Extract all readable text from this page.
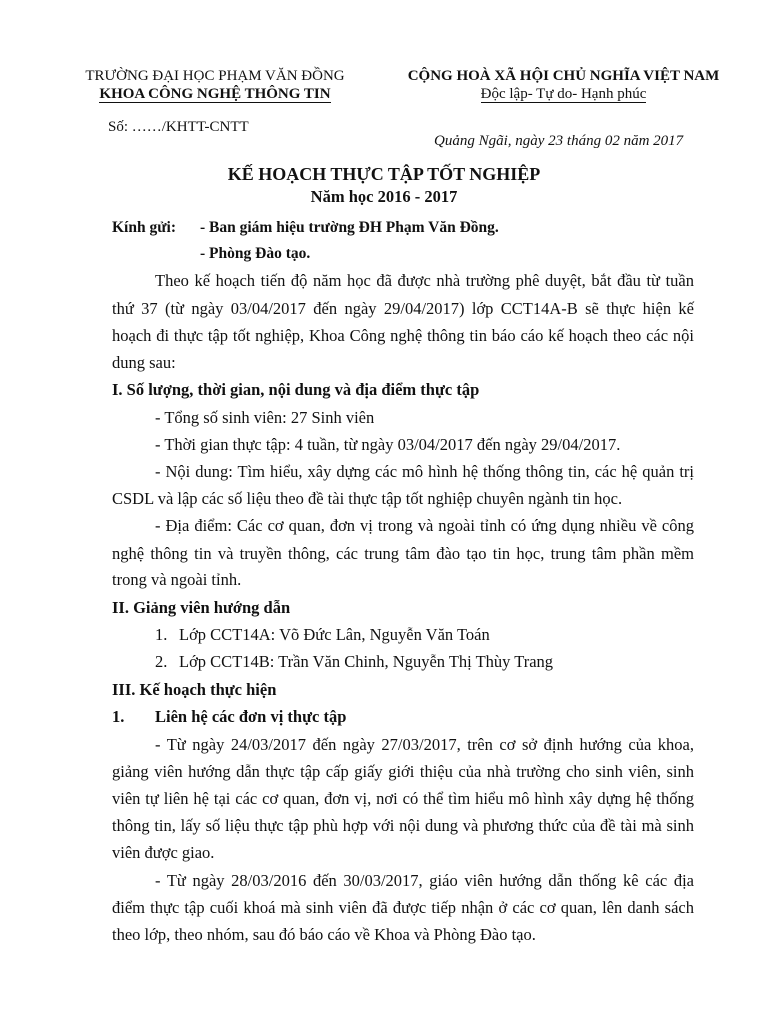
TRƯỜNG ĐẠI HỌC PHẠM VĂN ĐỒNG
KHOA CÔNG NGHỆ THÔNG TIN
Số: ……/KHTT-CNTT
CỘNG HOÀ XÃ HỘI CHỦ NGHĨA VIỆT NAM
Độc lập- Tự do- Hạnh phúc
Quảng Ngãi, ngày 23 tháng 02 năm 2017
KẾ HOẠCH THỰC TẬP TỐT NGHIỆP
Năm học 2016 - 2017
Kính gửi: - Ban giám hiệu trường ĐH Phạm Văn Đồng.
- Phòng Đào tạo.
Theo kế hoạch tiến độ năm học đã được nhà trường phê duyệt, bắt đầu từ tuần
thứ 37 (từ ngày 03/04/2017 đến ngày 29/04/2017) lớp CCT14A-B sẽ thực hiện kế
hoạch đi thực tập tốt nghiệp, Khoa Công nghệ thông tin báo cáo kế hoạch theo các nội
dung sau:
I. Số lượng, thời gian, nội dung và địa điểm thực tập
- Tổng số sinh viên: 27 Sinh viên
- Thời gian thực tập: 4 tuần, từ ngày 03/04/2017 đến ngày 29/04/2017.
- Nội dung: Tìm hiểu, xây dựng các mô hình hệ thống thông tin, các hệ quản trị
CSDL và lập các số liệu theo đề tài thực tập tốt nghiệp chuyên ngành tin học.
- Địa điểm: Các cơ quan, đơn vị trong và ngoài tỉnh có ứng dụng nhiều về công
nghệ thông tin và truyền thông, các trung tâm đào tạo tin học, trung tâm phần mềm
trong và ngoài tỉnh.
II. Giảng viên hướng dẫn
1. Lớp CCT14A: Võ Đức Lân, Nguyễn Văn Toán
2. Lớp CCT14B: Trần Văn Chinh, Nguyễn Thị Thùy Trang
III. Kế hoạch thực hiện
1. Liên hệ các đơn vị thực tập
- Từ ngày 24/03/2017 đến ngày 27/03/2017, trên cơ sở định hướng của khoa,
giảng viên hướng dẫn thực tập cấp giấy giới thiệu của nhà trường cho sinh viên, sinh
viên tự liên hệ tại các cơ quan, đơn vị, nơi có thể tìm hiểu mô hình xây dựng hệ thống
thông tin, lấy số liệu thực tập phù hợp với nội dung và phương thức của đề tài mà sinh
viên được giao.
- Từ ngày 28/03/2016 đến 30/03/2017, giáo viên hướng dẫn thống kê các địa
điểm thực tập cuối khoá mà sinh viên đã được tiếp nhận ở các cơ quan, lên danh sách
theo lớp, theo nhóm, sau đó báo cáo về Khoa và Phòng Đào tạo.
